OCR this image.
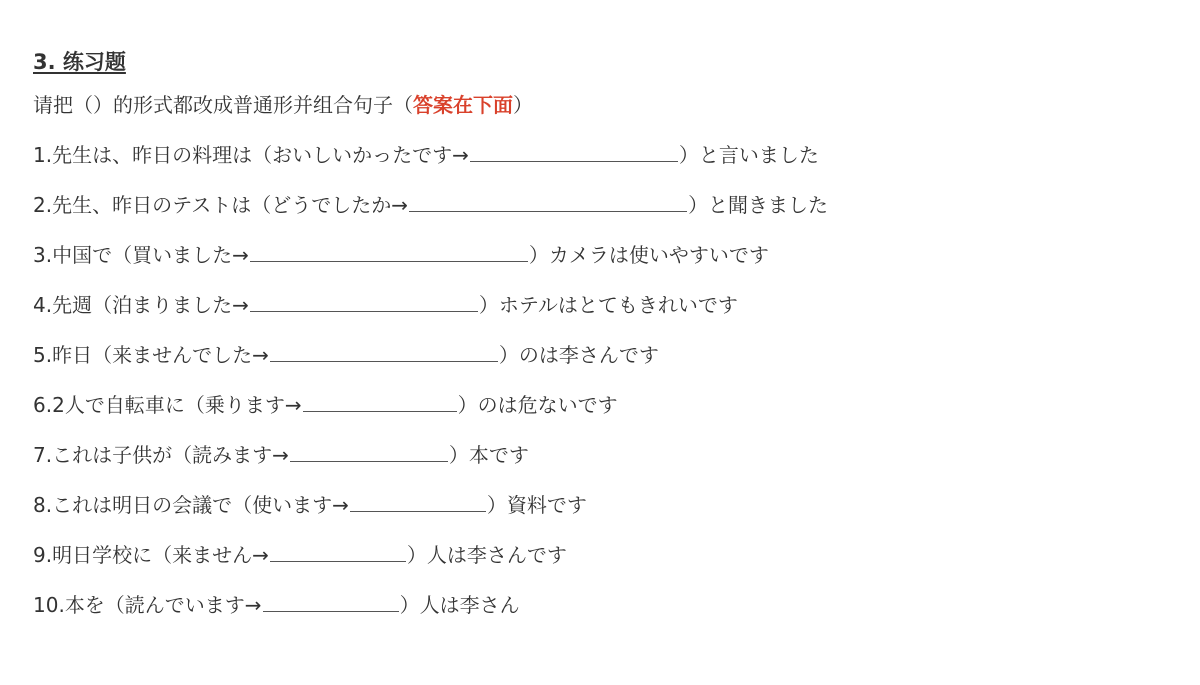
3. 练习题

请把（）的形式都改成普通形并组合句子（答案在下面）

1.先生は、昨日の料理は（おいしいかったです→	）と言いました
2.先生、昨日のテストは（どうでしたか→	）と聞きました
3.中国で（買いました→	）カメラは使いやすいです
4.先週（泊まりました→	）ホテルはとてもきれいです
5.昨日（来ませんでした→	）のは李さんです
6.2人で自転車に（乗ります→	）のは危ないです
7.これは子供が（読みます→	）本です
8.これは明日の会議で（使います→	）資料です
9.明日学校に（来ません→	）人は李さんです
10.本を（読んでいます→	）人は李さん
